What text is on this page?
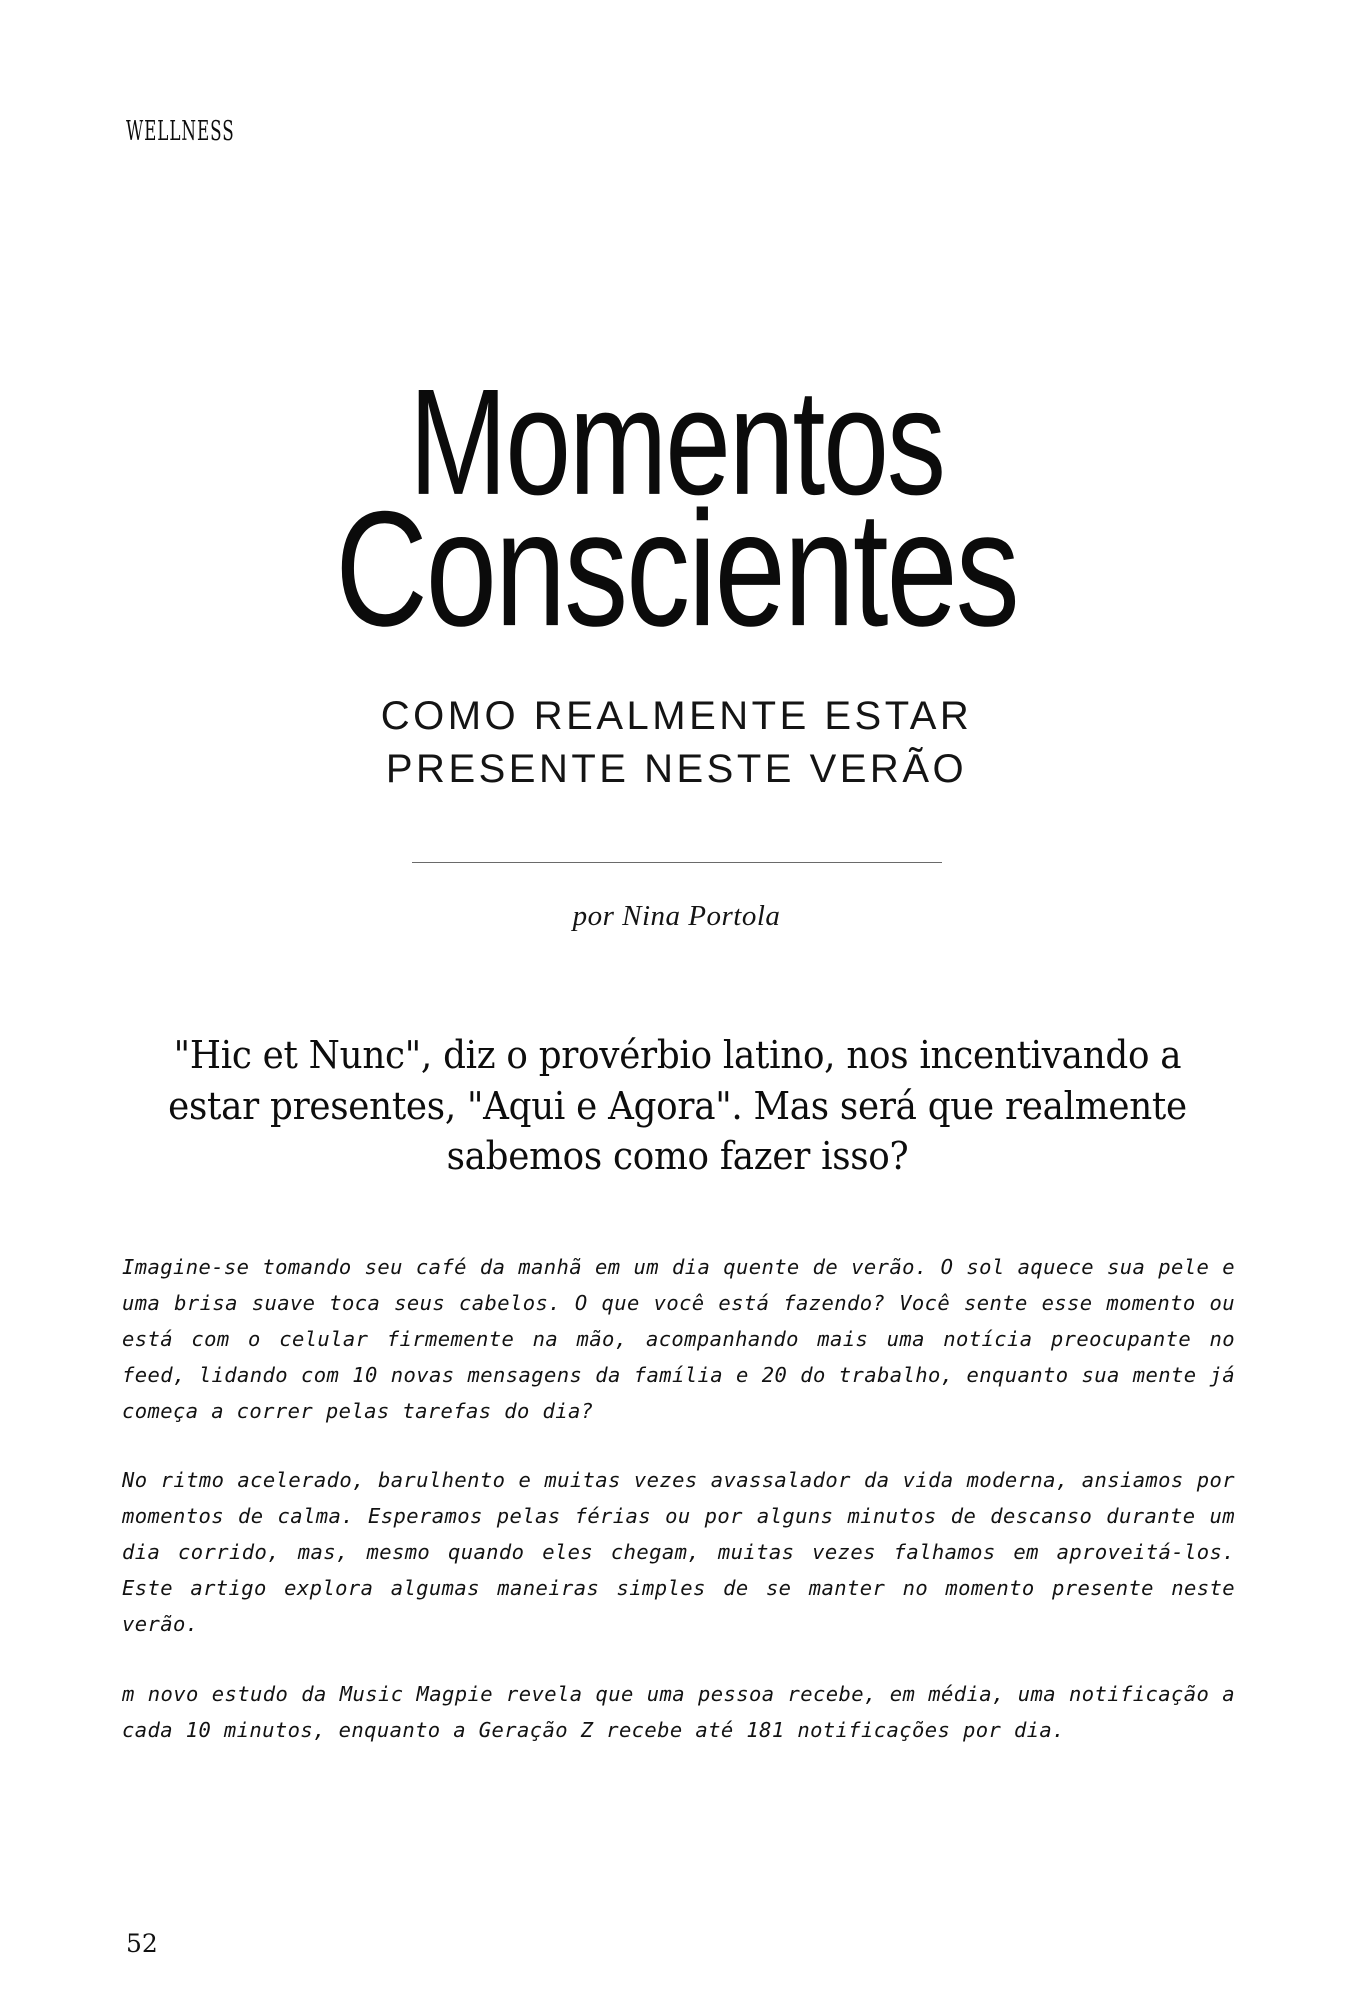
WELLNESS
Momentos
Conscientes
COMO REALMENTE ESTAR
PRESENTE NESTE VERÃO
por Nina Portola
"Hic et Nunc", diz o provérbio latino, nos incentivando a estar presentes, "Aqui e Agora". Mas será que realmente sabemos como fazer isso?

Imagine-se tomando seu café da manhã em um dia quente de verão. O sol aquece sua pele e uma brisa suave toca seus cabelos. O que você está fazendo? Você sente esse momento ou está com o celular firmemente na mão, acompanhando mais uma notícia preocupante no feed, lidando com 10 novas mensagens da família e 20 do trabalho, enquanto sua mente já começa a correr pelas tarefas do dia?

No ritmo acelerado, barulhento e muitas vezes avassalador da vida moderna, ansiamos por momentos de calma. Esperamos pelas férias ou por alguns minutos de descanso durante um dia corrido, mas, mesmo quando eles chegam, muitas vezes falhamos em aproveitá-los. Este artigo explora algumas maneiras simples de se manter no momento presente neste verão.

m novo estudo da Music Magpie revela que uma pessoa recebe, em média, uma notificação a cada 10 minutos, enquanto a Geração Z recebe até 181 notificações por dia.

52
